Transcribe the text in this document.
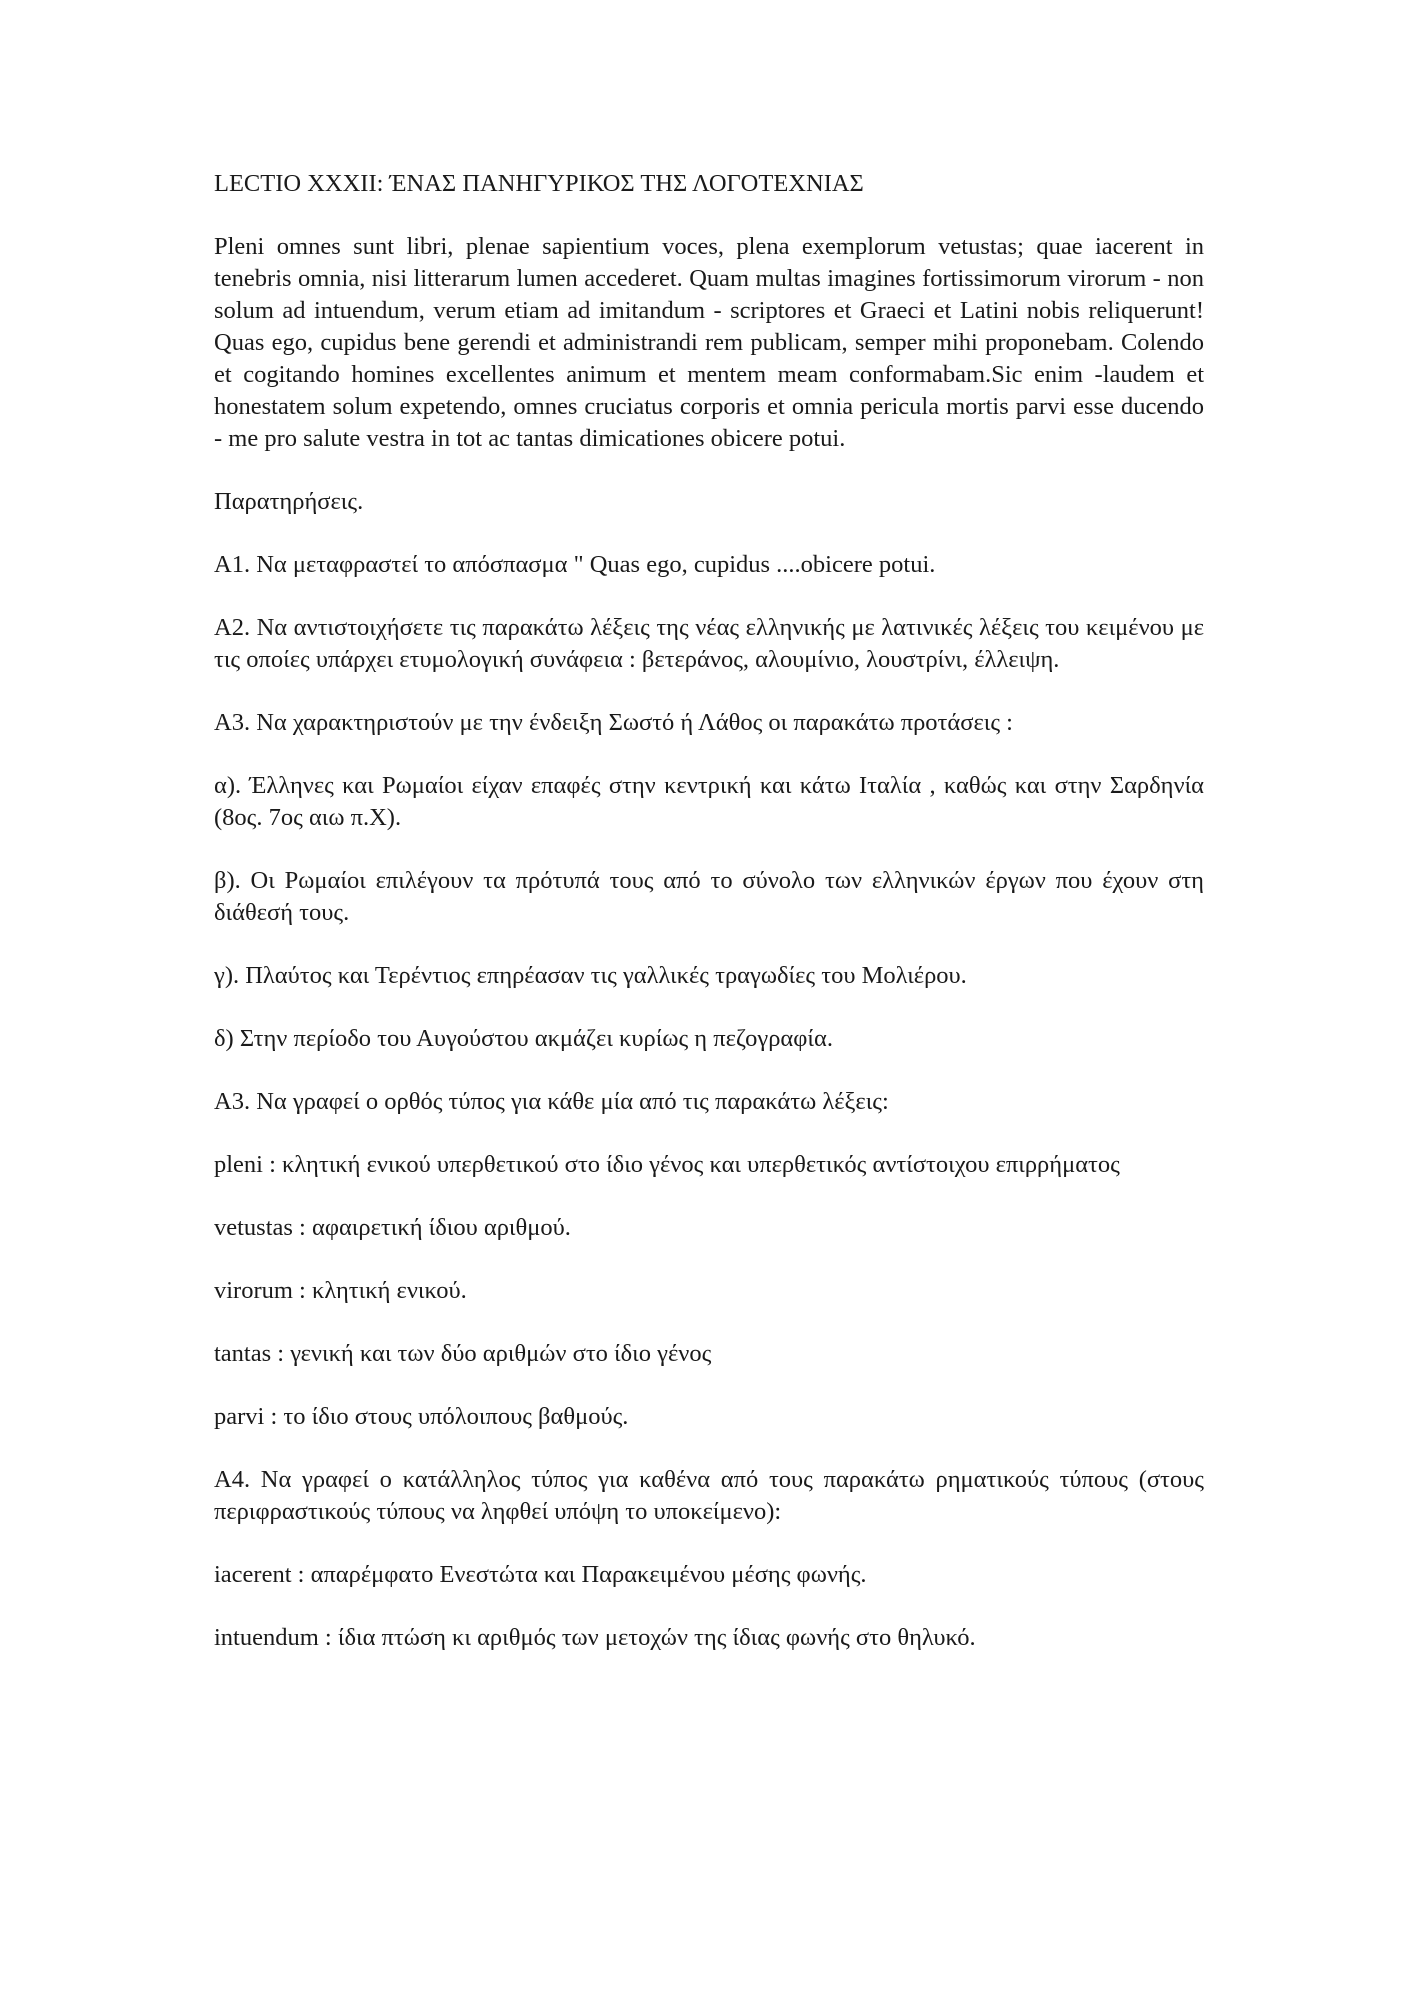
LECTIO XXXII: ΈΝΑΣ ΠΑΝΗΓΥΡΙΚΟΣ ΤΗΣ ΛΟΓΟΤΕΧΝΙΑΣ

Pleni omnes sunt libri, plenae sapientium voces, plena exemplorum vetustas; quae iacerent in tenebris omnia, nisi litterarum lumen accederet. Quam multas imagines fortissimorum virorum - non solum ad intuendum, verum etiam ad imitandum - scriptores et Graeci et Latini nobis reliquerunt! Quas ego, cupidus bene gerendi et administrandi rem publicam, semper mihi proponebam. Colendo et cogitando homines excellentes animum et mentem meam conformabam.Sic enim -laudem et honestatem solum expetendo, omnes cruciatus corporis et omnia pericula mortis parvi esse ducendo - me pro salute vestra in tot ac tantas dimicationes obicere potui.

Παρατηρήσεις.

A1. Να μεταφραστεί το απόσπασμα " Quas ego, cupidus ....obicere potui.

A2. Να αντιστοιχήσετε τις παρακάτω λέξεις της νέας ελληνικής με λατινικές λέξεις του κειμένου με τις οποίες υπάρχει ετυμολογική συνάφεια : βετεράνος, αλουμίνιο, λουστρίνι, έλλειψη.

A3. Να χαρακτηριστούν με την ένδειξη Σωστό ή Λάθος οι παρακάτω προτάσεις :

α). Έλληνες και Ρωμαίοι είχαν επαφές στην κεντρική και κάτω Ιταλία , καθώς και στην Σαρδηνία (8ος. 7ος αιω π.Χ).

β). Οι Ρωμαίοι επιλέγουν τα πρότυπά τους από το σύνολο των ελληνικών έργων που έχουν στη διάθεσή τους.

γ). Πλαύτος και Τερέντιος επηρέασαν τις γαλλικές τραγωδίες του Μολιέρου.

δ) Στην περίοδο του Αυγούστου ακμάζει κυρίως η πεζογραφία.

A3. Να γραφεί ο ορθός τύπος για κάθε μία από τις παρακάτω λέξεις:

pleni : κλητική ενικού υπερθετικού στο ίδιο γένος και υπερθετικός αντίστοιχου επιρρήματος

vetustas : αφαιρετική ίδιου αριθμού.

virorum : κλητική ενικού.

tantas : γενική και των δύο αριθμών στο ίδιο γένος

parvi : το ίδιο στους υπόλοιπους βαθμούς.

A4. Να γραφεί ο κατάλληλος τύπος για καθένα από τους παρακάτω ρηματικούς τύπους (στους περιφραστικούς τύπους να ληφθεί υπόψη το υποκείμενο):

iacerent : απαρέμφατο Ενεστώτα και Παρακειμένου μέσης φωνής.

intuendum : ίδια πτώση κι αριθμός των μετοχών της ίδιας φωνής στο θηλυκό.
